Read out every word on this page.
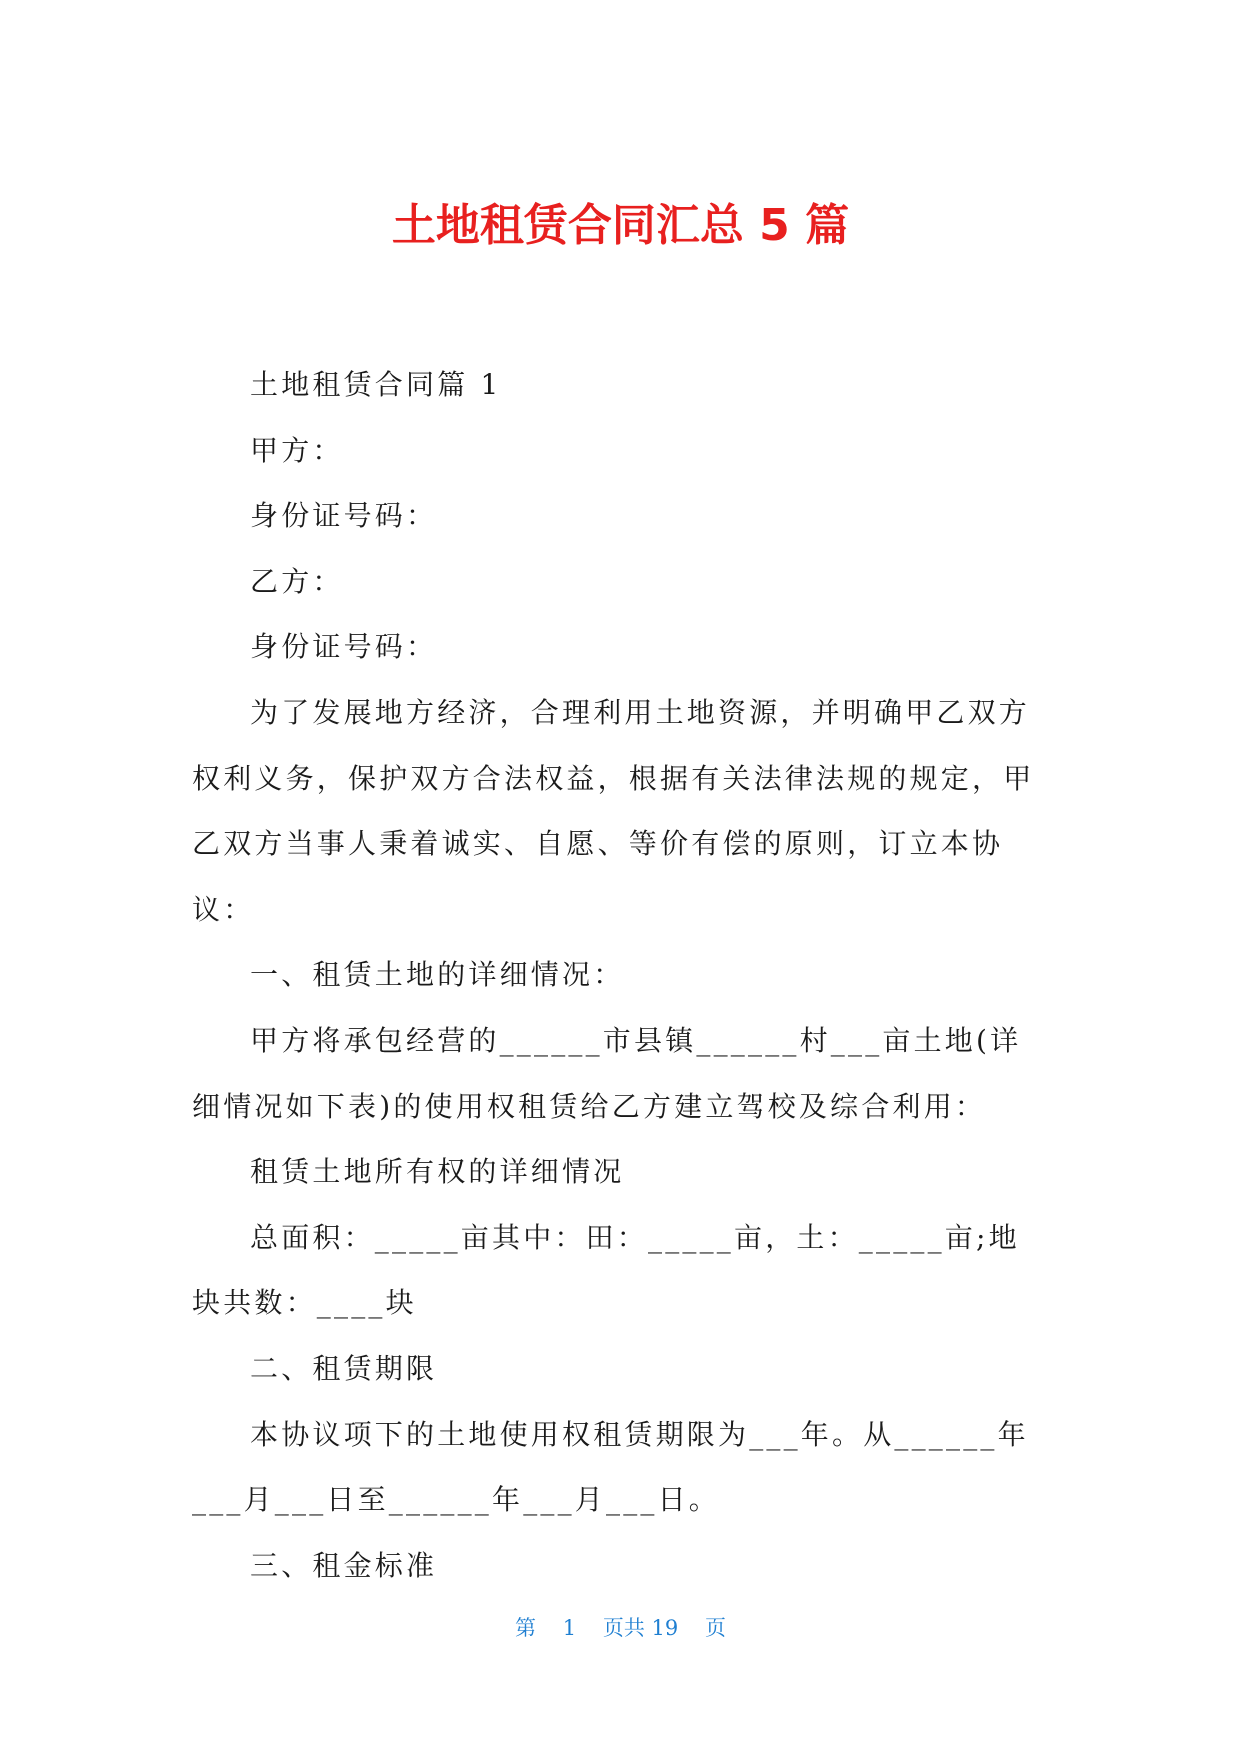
土地租赁合同汇总 5 篇

土地租赁合同篇 1

甲方：

身份证号码：

乙方：

身份证号码：

为了发展地方经济，合理利用土地资源，并明确甲乙双方权利义务，保护双方合法权益，根据有关法律法规的规定，甲乙双方当事人秉着诚实、自愿、等价有偿的原则，订立本协议：

一、租赁土地的详细情况：

甲方将承包经营的______市县镇______村___亩土地(详细情况如下表)的使用权租赁给乙方建立驾校及综合利用：

租赁土地所有权的详细情况

总面积：_____亩其中：田：_____亩，土：_____亩;地块共数：____块

二、租赁期限

本协议项下的土地使用权租赁期限为___年。从______年___月___日至______年___月___日。

三、租金标准

第 1 页共 19 页
